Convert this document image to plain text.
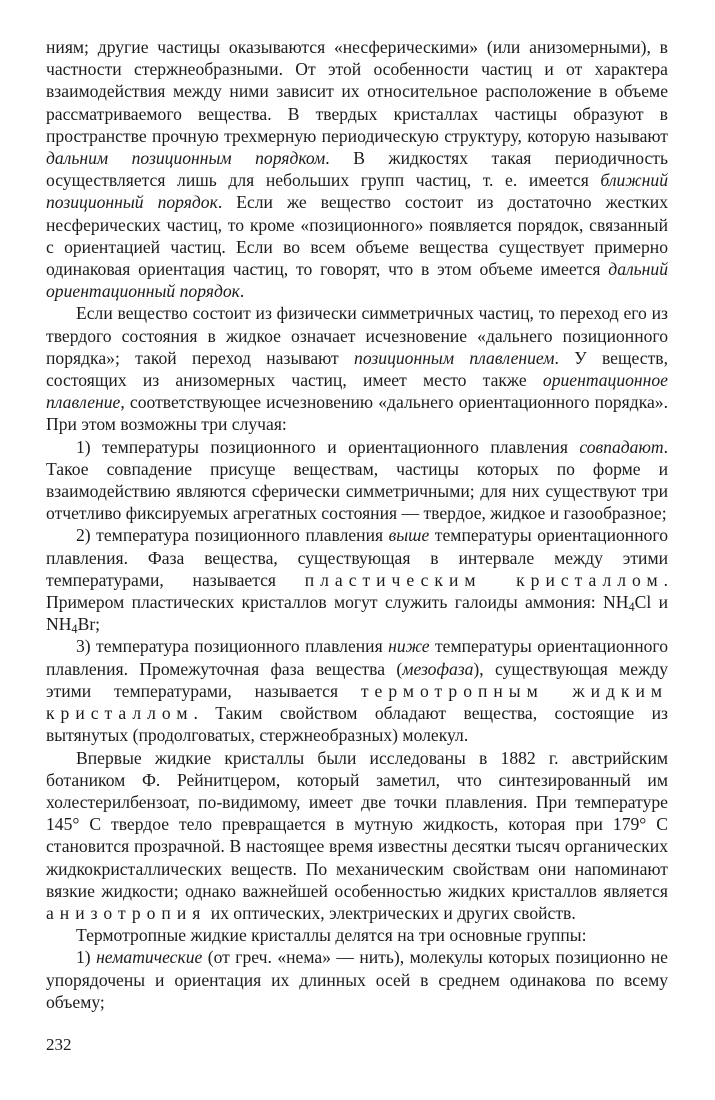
ниям; другие частицы оказываются «несферическими» (или анизомерными), в частности стержнеобразными. От этой особенности частиц и от характера взаимодействия между ними зависит их относительное расположение в объеме рассматриваемого вещества. В твердых кристаллах частицы образуют в пространстве прочную трехмерную периодическую структуру, которую называют дальним позиционным порядком. В жидкостях такая периодичность осуществляется лишь для небольших групп частиц, т. е. имеется ближний позиционный порядок. Если же вещество состоит из достаточно жестких несферических частиц, то кроме «позиционного» появляется порядок, связанный с ориентацией частиц. Если во всем объеме вещества существует примерно одинаковая ориентация частиц, то говорят, что в этом объеме имеется дальний ориентационный порядок.

Если вещество состоит из физически симметричных частиц, то переход его из твердого состояния в жидкое означает исчезновение «дальнего позиционного порядка»; такой переход называют позиционным плавлением. У веществ, состоящих из анизомерных частиц, имеет место также ориентационное плавление, соответствующее исчезновению «дальнего ориентационного порядка». При этом возможны три случая:

1) температуры позиционного и ориентационного плавления совпадают. Такое совпадение присуще веществам, частицы которых по форме и взаимодействию являются сферически симметричными; для них существуют три отчетливо фиксируемых агрегатных состояния — твердое, жидкое и газообразное;

2) температура позиционного плавления выше температуры ориентационного плавления. Фаза вещества, существующая в интервале между этими температурами, называется пластическим кристаллом. Примером пластических кристаллов могут служить галоиды аммония: $NH_4Cl$ и $NH_4Br$;

3) температура позиционного плавления ниже температуры ориентационного плавления. Промежуточная фаза вещества (мезофаза), существующая между этими температурами, называется термотропным жидким кристаллом. Таким свойством обладают вещества, состоящие из вытянутых (продолговатых, стержнеобразных) молекул.

Впервые жидкие кристаллы были исследованы в 1882 г. австрийским ботаником Ф. Рейнитцером, который заметил, что синтезированный им холестерилбензоат, по-видимому, имеет две точки плавления. При температуре 145° С твердое тело превращается в мутную жидкость, которая при 179° С становится прозрачной. В настоящее время известны десятки тысяч органических жидкокристаллических веществ. По механическим свойствам они напоминают вязкие жидкости; однако важнейшей особенностью жидких кристаллов является анизотропия их оптических, электрических и других свойств.

Термотропные жидкие кристаллы делятся на три основные группы:

1) нематические (от греч. «нема» — нить), молекулы которых позиционно не упорядочены и ориентация их длинных осей в среднем одинакова по всему объему;

232
